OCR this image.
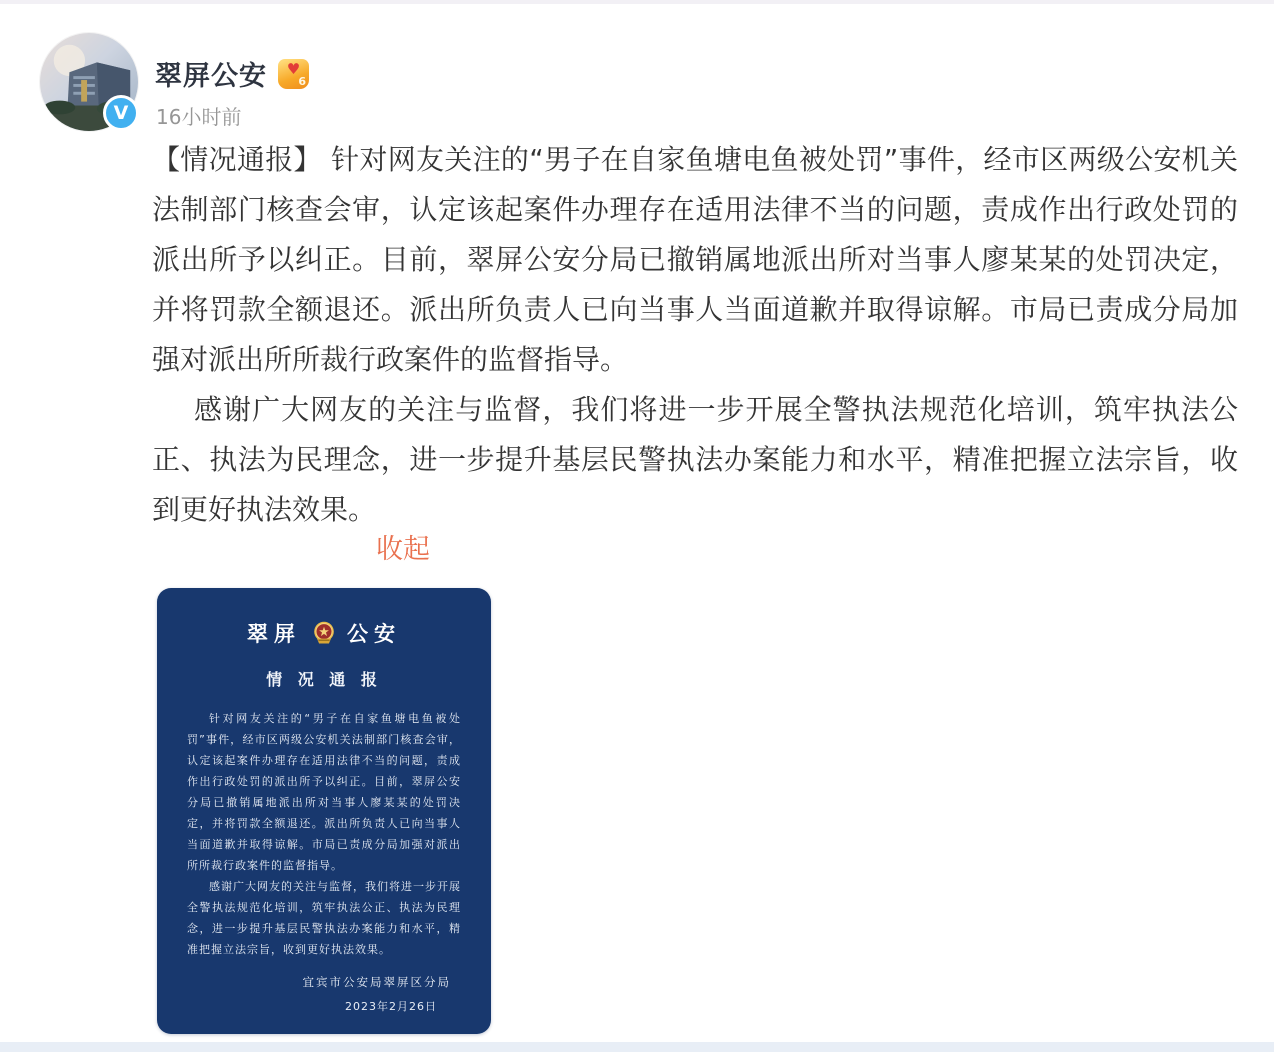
V
翠屏公安 ♥
6
16小时前

【情况通报】 针对网友关注的“男子在自家鱼塘电鱼被处罚”事件，经市区两级公安机关法制部门核查会审，认定该起案件办理存在适用法律不当的问题，责成作出行政处罚的派出所予以纠正。目前，翠屏公安分局已撤销属地派出所对当事人廖某某的处罚决定，并将罚款全额退还。派出所负责人已向当事人当面道歉并取得谅解。市局已责成分局加强对派出所所裁行政案件的监督指导。

感谢广大网友的关注与监督，我们将进一步开展全警执法规范化培训，筑牢执法公正、执法为民理念，进一步提升基层民警执法办案能力和水平，精准把握立法宗旨，收到更好执法效果。

收起
翠屏 公安
情 况 通 报

针对网友关注的“男子在自家鱼塘电鱼被处罚”事件，经市区两级公安机关法制部门核查会审，认定该起案件办理存在适用法律不当的问题，责成作出行政处罚的派出所予以纠正。目前，翠屏公安分局已撤销属地派出所对当事人廖某某的处罚决定，并将罚款全额退还。派出所负责人已向当事人当面道歉并取得谅解。市局已责成分局加强对派出所所裁行政案件的监督指导。

感谢广大网友的关注与监督，我们将进一步开展全警执法规范化培训，筑牢执法公正、执法为民理念，进一步提升基层民警执法办案能力和水平，精准把握立法宗旨，收到更好执法效果。

宜宾市公安局翠屏区分局
2023年2月26日
